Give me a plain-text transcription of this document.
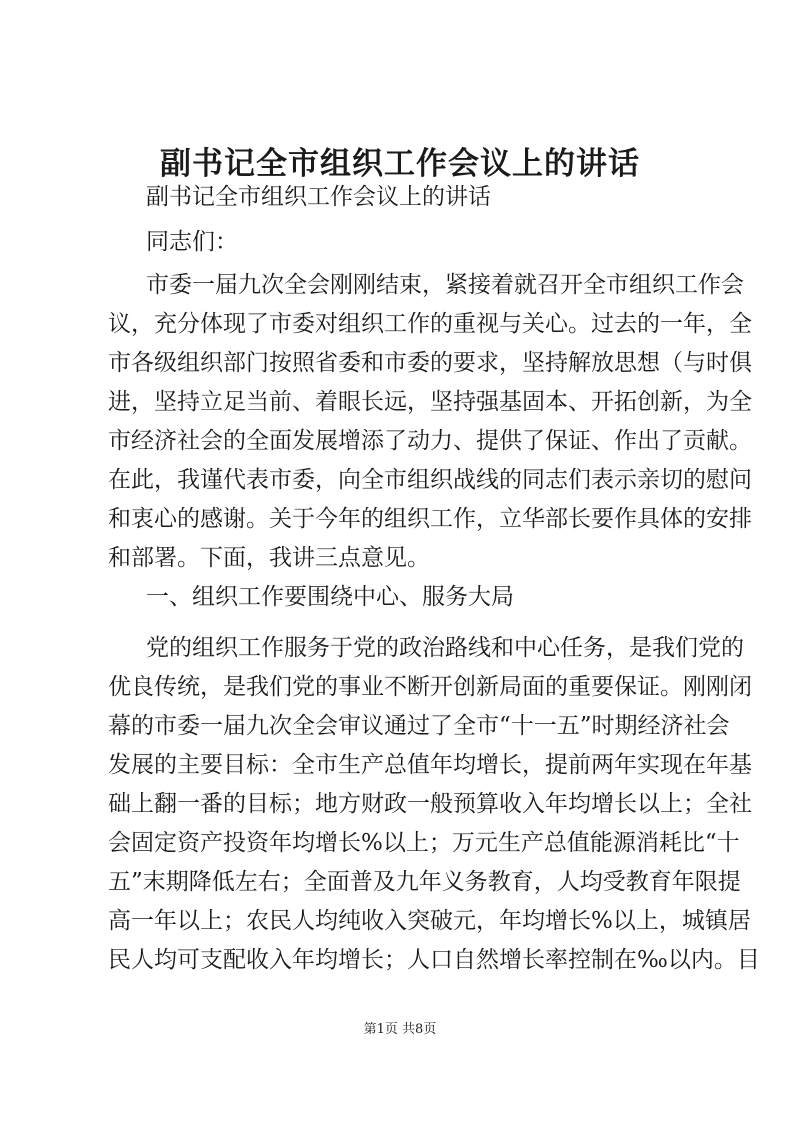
副书记全市组织工作会议上的讲话
副书记全市组织工作会议上的讲话
同志们：
市委一届九次全会刚刚结束，紧接着就召开全市组织工作会
议，充分体现了市委对组织工作的重视与关心。过去的一年，全
市各级组织部门按照省委和市委的要求，坚持解放思想（与时俱
进，坚持立足当前、着眼长远，坚持强基固本、开拓创新，为全
市经济社会的全面发展增添了动力、提供了保证、作出了贡献。
在此，我谨代表市委，向全市组织战线的同志们表示亲切的慰问
和衷心的感谢。关于今年的组织工作，立华部长要作具体的安排
和部署。下面，我讲三点意见。
一、组织工作要围绕中心、服务大局
党的组织工作服务于党的政治路线和中心任务，是我们党的
优良传统，是我们党的事业不断开创新局面的重要保证。刚刚闭
幕的市委一届九次全会审议通过了全市“十一五”时期经济社会
发展的主要目标：全市生产总值年均增长，提前两年实现在年基
础上翻一番的目标；地方财政一般预算收入年均增长以上；全社
会固定资产投资年均增长%以上；万元生产总值能源消耗比“十
五”末期降低左右；全面普及九年义务教育，人均受教育年限提
高一年以上；农民人均纯收入突破元，年均增长%以上，城镇居
民人均可支配收入年均增长；人口自然增长率控制在‰以内。目
第1页 共8页
